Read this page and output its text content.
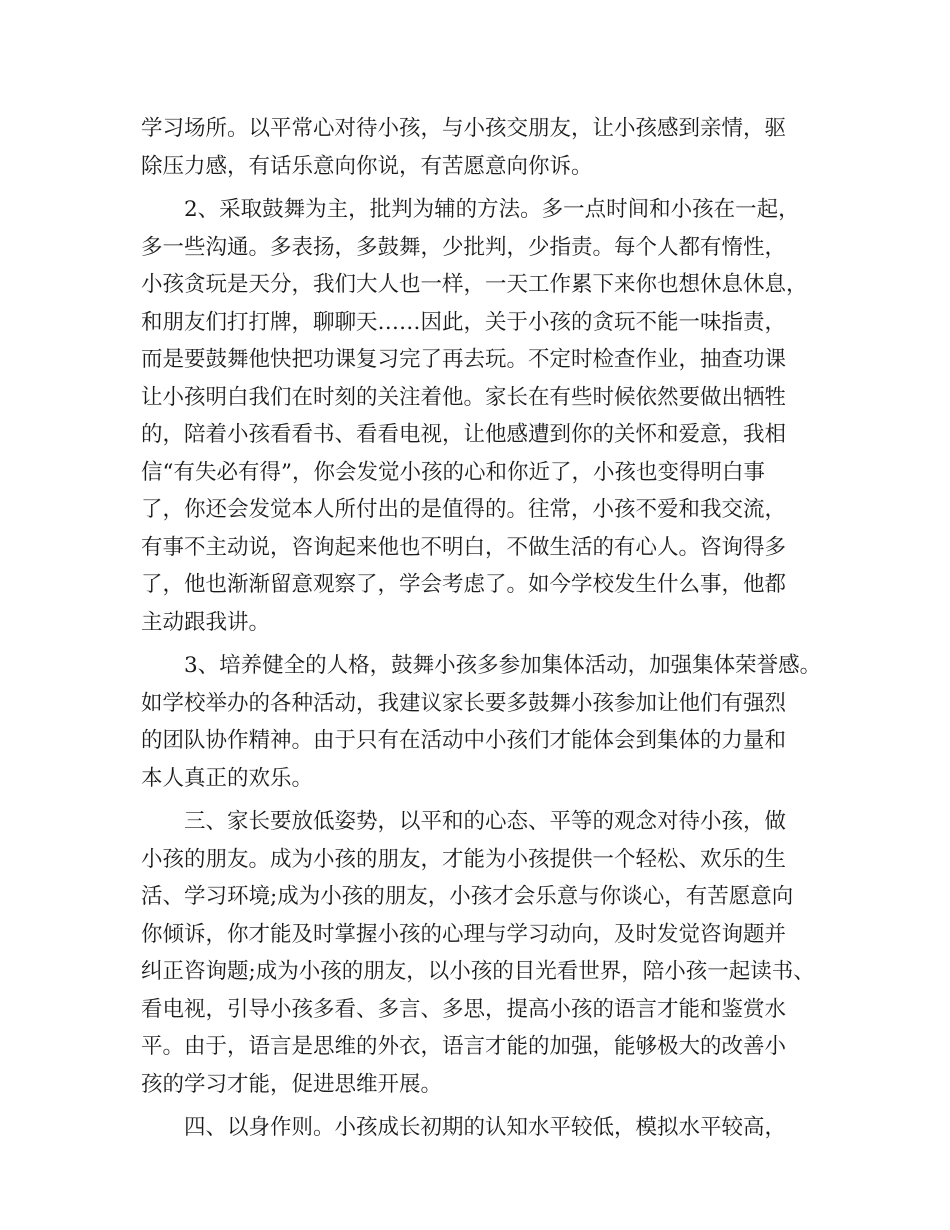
学习场所。以平常心对待小孩，与小孩交朋友，让小孩感到亲情，驱
除压力感，有话乐意向你说，有苦愿意向你诉。
2、采取鼓舞为主，批判为辅的方法。多一点时间和小孩在一起，
多一些沟通。多表扬，多鼓舞，少批判，少指责。每个人都有惰性，
小孩贪玩是天分，我们大人也一样，一天工作累下来你也想休息休息，
和朋友们打打牌，聊聊天……因此，关于小孩的贪玩不能一味指责，
而是要鼓舞他快把功课复习完了再去玩。不定时检查作业，抽查功课
让小孩明白我们在时刻的关注着他。家长在有些时候依然要做出牺牲
的，陪着小孩看看书、看看电视，让他感遭到你的关怀和爱意，我相
信“有失必有得”，你会发觉小孩的心和你近了，小孩也变得明白事
了，你还会发觉本人所付出的是值得的。往常，小孩不爱和我交流，
有事不主动说，咨询起来他也不明白，不做生活的有心人。咨询得多
了，他也渐渐留意观察了，学会考虑了。如今学校发生什么事，他都
主动跟我讲。
3、培养健全的人格，鼓舞小孩多参加集体活动，加强集体荣誉感。
如学校举办的各种活动，我建议家长要多鼓舞小孩参加让他们有强烈
的团队协作精神。由于只有在活动中小孩们才能体会到集体的力量和
本人真正的欢乐。
三、家长要放低姿势，以平和的心态、平等的观念对待小孩，做
小孩的朋友。成为小孩的朋友，才能为小孩提供一个轻松、欢乐的生
活、学习环境;成为小孩的朋友，小孩才会乐意与你谈心，有苦愿意向
你倾诉，你才能及时掌握小孩的心理与学习动向，及时发觉咨询题并
纠正咨询题;成为小孩的朋友，以小孩的目光看世界，陪小孩一起读书、
看电视，引导小孩多看、多言、多思，提高小孩的语言才能和鉴赏水
平。由于，语言是思维的外衣，语言才能的加强，能够极大的改善小
孩的学习才能，促进思维开展。
四、以身作则。小孩成长初期的认知水平较低，模拟水平较高，
